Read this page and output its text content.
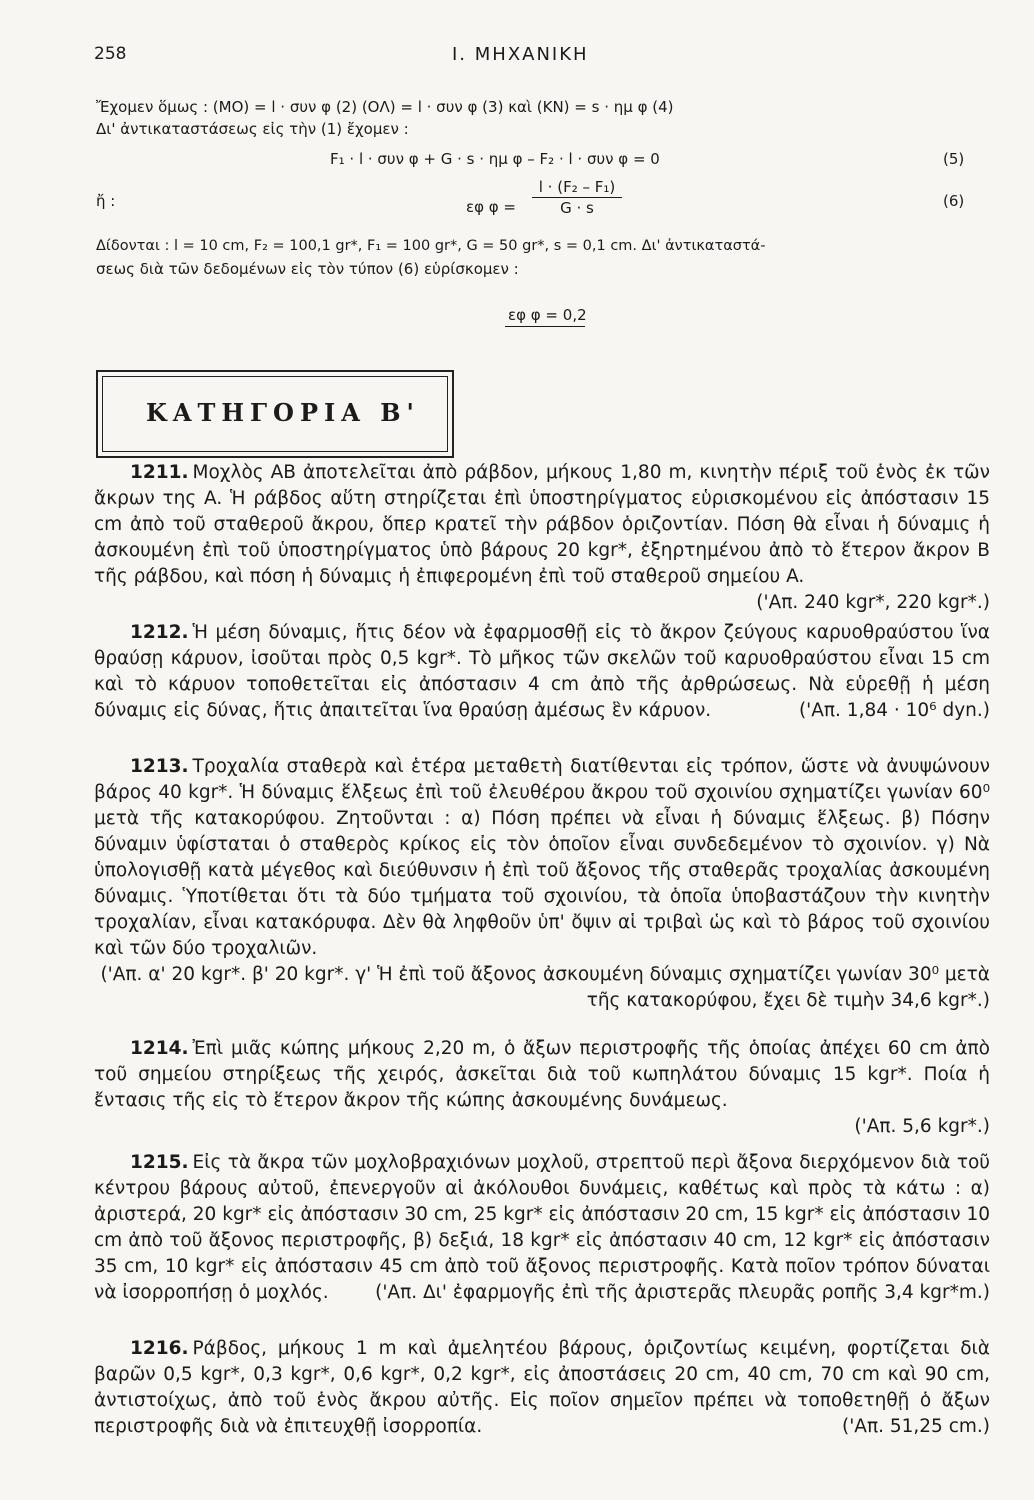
258	Ι. ΜΗΧΑΝΙΚΗ
Ἔχομεν ὅμως : (MO) = l · συν φ (2) (OΛ) = l · συν φ (3) καὶ (KN) = s · ημ φ (4)
Δι' ἀντικαταστάσεως εἰς τὴν (1) ἔχομεν :
F₁ · l · συν φ + G · s · ημ φ – F₂ · l · συν φ = 0	(5)
ἤ :	εφ $\varphi = \frac{\text{l · (F₂ – F₁)}}{G \cdot s}$	(6)
Δίδονται : l = 10 cm, F₂ = 100,1 gr*, F₁ = 100 gr*, G = 50 gr*, s = 0,1 cm. Δι' ἀντικαταστά-
σεως διὰ τῶν δεδομένων εἰς τὸν τύπον (6) εὑρίσκομεν :
εφ φ = 0,2
ΚΑΤΗΓΟΡΙΑ Β'
1211. Μοχλὸς AB ἀποτελεῖται ἀπὸ ράβδον, μήκους 1,80 m, κινητὴν πέριξ τοῦ ἑνὸς ἐκ τῶν ἄκρων της A. Ἡ ράβδος αὕτη στηρίζεται ἐπὶ ὑποστηρίγματος εὑρισκομένου εἰς ἀπόστασιν 15 cm ἀπὸ τοῦ σταθεροῦ ἄκρου, ὅπερ κρατεῖ τὴν ράβδον ὁριζοντίαν. Πόση θὰ εἶναι ἡ δύναμις ἡ ἀσκουμένη ἐπὶ τοῦ ὑποστηρίγματος ὑπὸ βάρους 20 kgr*, ἐξηρτημένου ἀπὸ τὸ ἕτερον ἄκρον B τῆς ράβδου, καὶ πόση ἡ δύναμις ἡ ἐπιφερομένη ἐπὶ τοῦ σταθεροῦ σημείου A.
('Απ. 240 kgr*, 220 kgr*.)
1212. Ἡ μέση δύναμις, ἥτις δέον νὰ ἐφαρμοσθῇ εἰς τὸ ἄκρον ζεύγους καρυοθραύστου ἵνα θραύσῃ κάρυον, ἰσοῦται πρὸς 0,5 kgr*. Τὸ μῆκος τῶν σκελῶν τοῦ καρυοθραύστου εἶναι 15 cm καὶ τὸ κάρυον τοποθετεῖται εἰς ἀπόστασιν 4 cm ἀπὸ τῆς ἀρθρώσεως. Νὰ εὑρεθῇ ἡ μέση δύναμις εἰς δύνας, ἥτις ἀπαιτεῖται ἵνα θραύσῃ ἀμέσως ἓν κάρυον.	('Απ. 1,84 · 10⁶ dyn.)
1213. Τροχαλία σταθερὰ καὶ ἑτέρα μεταθετὴ διατίθενται εἰς τρόπον, ὥστε νὰ ἀνυψώνουν βάρος 40 kgr*. Ἡ δύναμις ἕλξεως ἐπὶ τοῦ ἐλευθέρου ἄκρου τοῦ σχοινίου σχηματίζει γωνίαν 60⁰ μετὰ τῆς κατακορύφου. Ζητοῦνται : α) Πόση πρέπει νὰ εἶναι ἡ δύναμις ἕλξεως. β) Πόσην δύναμιν ὑφίσταται ὁ σταθερὸς κρίκος εἰς τὸν ὁποῖον εἶναι συνδεδεμένον τὸ σχοινίον. γ) Νὰ ὑπολογισθῇ κατὰ μέγεθος καὶ διεύθυνσιν ἡ ἐπὶ τοῦ ἄξονος τῆς σταθερᾶς τροχαλίας ἀσκουμένη δύναμις. Ὑποτίθεται ὅτι τὰ δύο τμήματα τοῦ σχοινίου, τὰ ὁποῖα ὑποβαστάζουν τὴν κινητὴν τροχαλίαν, εἶναι κατακόρυφα. Δὲν θὰ ληφθοῦν ὑπ' ὄψιν αἱ τριβαὶ ὡς καὶ τὸ βάρος τοῦ σχοινίου καὶ τῶν δύο τροχαλιῶν.
('Απ. α' 20 kgr*. β' 20 kgr*. γ' Ἡ ἐπὶ τοῦ ἄξονος ἀσκουμένη δύναμις σχηματίζει γωνίαν 30⁰ μετὰ τῆς κατακορύφου, ἔχει δὲ τιμὴν 34,6 kgr*.)
1214. Ἐπὶ μιᾶς κώπης μήκους 2,20 m, ὁ ἄξων περιστροφῆς τῆς ὁποίας ἀπέχει 60 cm ἀπὸ τοῦ σημείου στηρίξεως τῆς χειρός, ἀσκεῖται διὰ τοῦ κωπηλάτου δύναμις 15 kgr*. Ποία ἡ ἔντασις τῆς εἰς τὸ ἕτερον ἄκρον τῆς κώπης ἀσκουμένης δυνάμεως.
('Απ. 5,6 kgr*.)
1215. Εἰς τὰ ἄκρα τῶν μοχλοβραχιόνων μοχλοῦ, στρεπτοῦ περὶ ἄξονα διερχόμενον διὰ τοῦ κέντρου βάρους αὐτοῦ, ἐπενεργοῦν αἱ ἀκόλουθοι δυνάμεις, καθέτως καὶ πρὸς τὰ κάτω : α) ἀριστερά, 20 kgr* εἰς ἀπόστασιν 30 cm, 25 kgr* εἰς ἀπόστασιν 20 cm, 15 kgr* εἰς ἀπόστασιν 10 cm ἀπὸ τοῦ ἄξονος περιστροφῆς, β) δεξιά, 18 kgr* εἰς ἀπόστασιν 40 cm, 12 kgr* εἰς ἀπόστασιν 35 cm, 10 kgr* εἰς ἀπόστασιν 45 cm ἀπὸ τοῦ ἄξονος περιστροφῆς. Κατὰ ποῖον τρόπον δύναται νὰ ἰσορροπήσῃ ὁ μοχλός.	('Απ. Δι' ἐφαρμογῆς ἐπὶ τῆς ἀριστερᾶς πλευρᾶς ροπῆς 3,4 kgr*m.)
1216. Ράβδος, μήκους 1 m καὶ ἀμελητέου βάρους, ὁριζοντίως κειμένη, φορτίζεται διὰ βαρῶν 0,5 kgr*, 0,3 kgr*, 0,6 kgr*, 0,2 kgr*, εἰς ἀποστάσεις 20 cm, 40 cm, 70 cm καὶ 90 cm, ἀντιστοίχως, ἀπὸ τοῦ ἑνὸς ἄκρου αὐτῆς. Εἰς ποῖον σημεῖον πρέπει νὰ τοποθετηθῇ ὁ ἄξων περιστροφῆς διὰ νὰ ἐπιτευχθῇ ἰσορροπία.	('Απ. 51,25 cm.)
